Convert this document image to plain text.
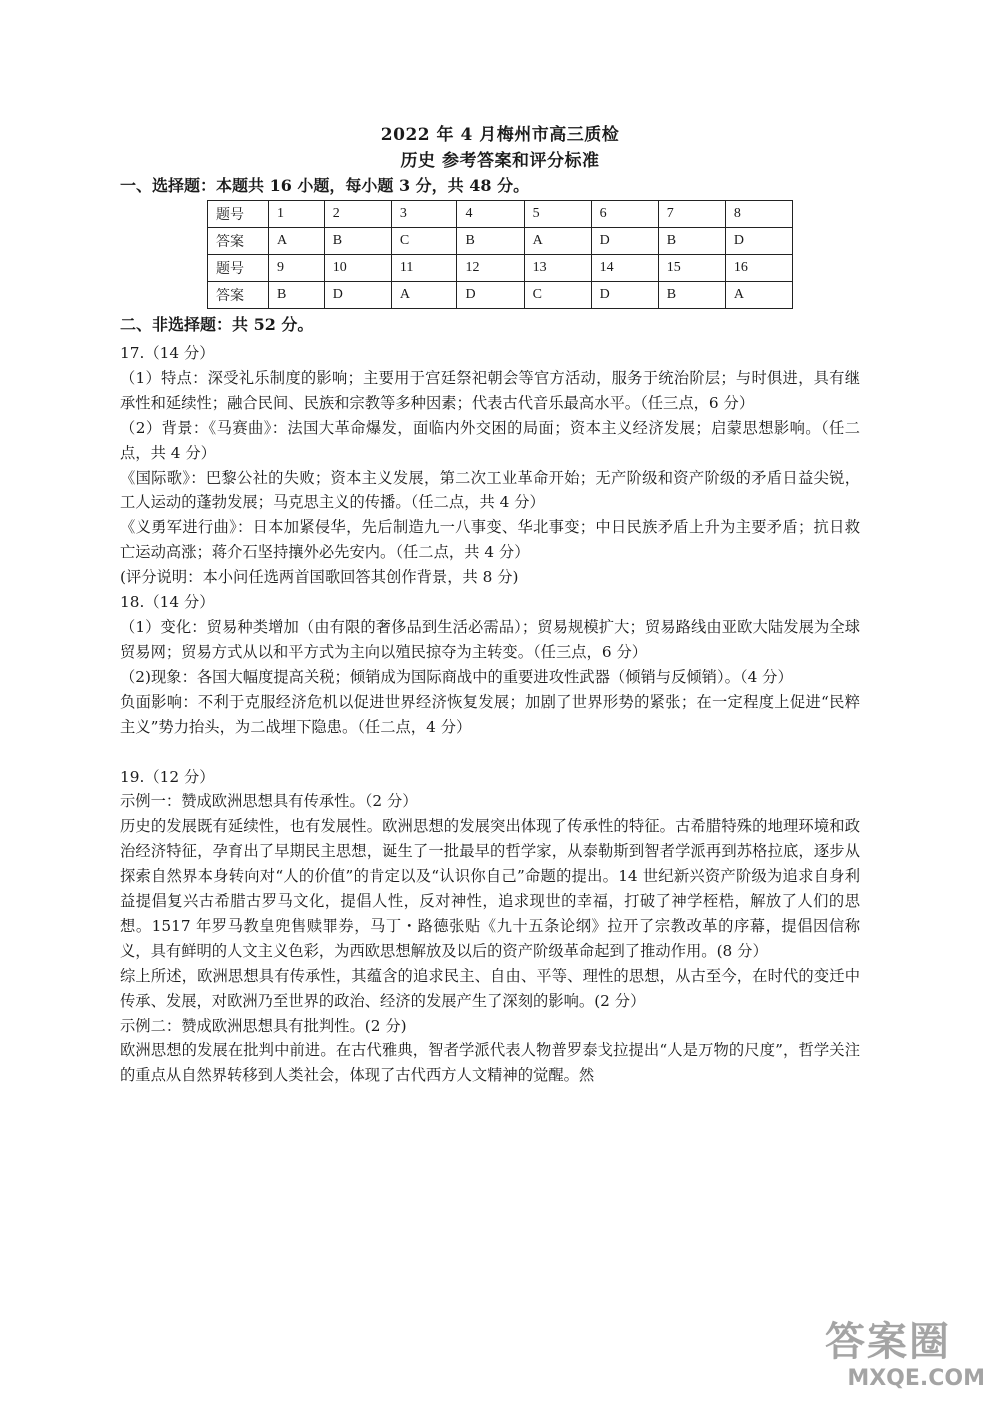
2022 年 4 月梅州市高三质检
历史 参考答案和评分标准
一、选择题：本题共 16 小题，每小题 3 分，共 48 分。
题号	1	2	3	4	5	6	7	8
答案	A	B	C	B	A	D	B	D
题号	9	10	11	12	13	14	15	16
答案	B	D	A	D	C	D	B	A
二、非选择题：共 52 分。

17.（14 分）

（1）特点：深受礼乐制度的影响；主要用于宫廷祭祀朝会等官方活动，服务于统治阶层；与时俱进，具有继承性和延续性；融合民间、民族和宗教等多种因素；代表古代音乐最高水平。（任三点，6 分）

（2）背景：《马赛曲》：法国大革命爆发，面临内外交困的局面；资本主义经济发展；启蒙思想影响。（任二点，共 4 分）

《国际歌》：巴黎公社的失败；资本主义发展，第二次工业革命开始；无产阶级和资产阶级的矛盾日益尖锐，工人运动的蓬勃发展；马克思主义的传播。（任二点，共 4 分）

《义勇军进行曲》：日本加紧侵华，先后制造九一八事变、华北事变；中日民族矛盾上升为主要矛盾；抗日救亡运动高涨；蒋介石坚持攘外必先安内。（任二点，共 4 分）

(评分说明：本小问任选两首国歌回答其创作背景，共 8 分)

18.（14 分）

（1）变化：贸易种类增加（由有限的奢侈品到生活必需品）；贸易规模扩大；贸易路线由亚欧大陆发展为全球贸易网；贸易方式从以和平方式为主向以殖民掠夺为主转变。（任三点，6 分）

（2)现象：各国大幅度提高关税；倾销成为国际商战中的重要进攻性武器（倾销与反倾销）。（4 分）

负面影响：不利于克服经济危机以促进世界经济恢复发展；加剧了世界形势的紧张；在一定程度上促进“民粹主义”势力抬头，为二战埋下隐患。（任二点，4 分）

19.（12 分）

示例一：赞成欧洲思想具有传承性。（2 分）

历史的发展既有延续性，也有发展性。欧洲思想的发展突出体现了传承性的特征。古希腊特殊的地理环境和政治经济特征，孕育出了早期民主思想，诞生了一批最早的哲学家，从泰勒斯到智者学派再到苏格拉底，逐步从探索自然界本身转向对“人的价值”的肯定以及“认识你自己”命题的提出。14 世纪新兴资产阶级为追求自身利益提倡复兴古希腊古罗马文化，提倡人性，反对神性，追求现世的幸福，打破了神学桎梏，解放了人们的思想。1517 年罗马教皇兜售赎罪券，马丁・路德张贴《九十五条论纲》拉开了宗教改革的序幕，提倡因信称义，具有鲜明的人文主义色彩，为西欧思想解放及以后的资产阶级革命起到了推动作用。(8 分）

综上所述，欧洲思想具有传承性，其蕴含的追求民主、自由、平等、理性的思想，从古至今，在时代的变迁中传承、发展，对欧洲乃至世界的政治、经济的发展产生了深刻的影响。(2 分）

示例二：赞成欧洲思想具有批判性。(2 分)

欧洲思想的发展在批判中前进。在古代雅典，智者学派代表人物普罗泰戈拉提出“人是万物的尺度”，哲学关注的重点从自然界转移到人类社会，体现了古代西方人文精神的觉醒。然

答案圈
MXQE.COM
